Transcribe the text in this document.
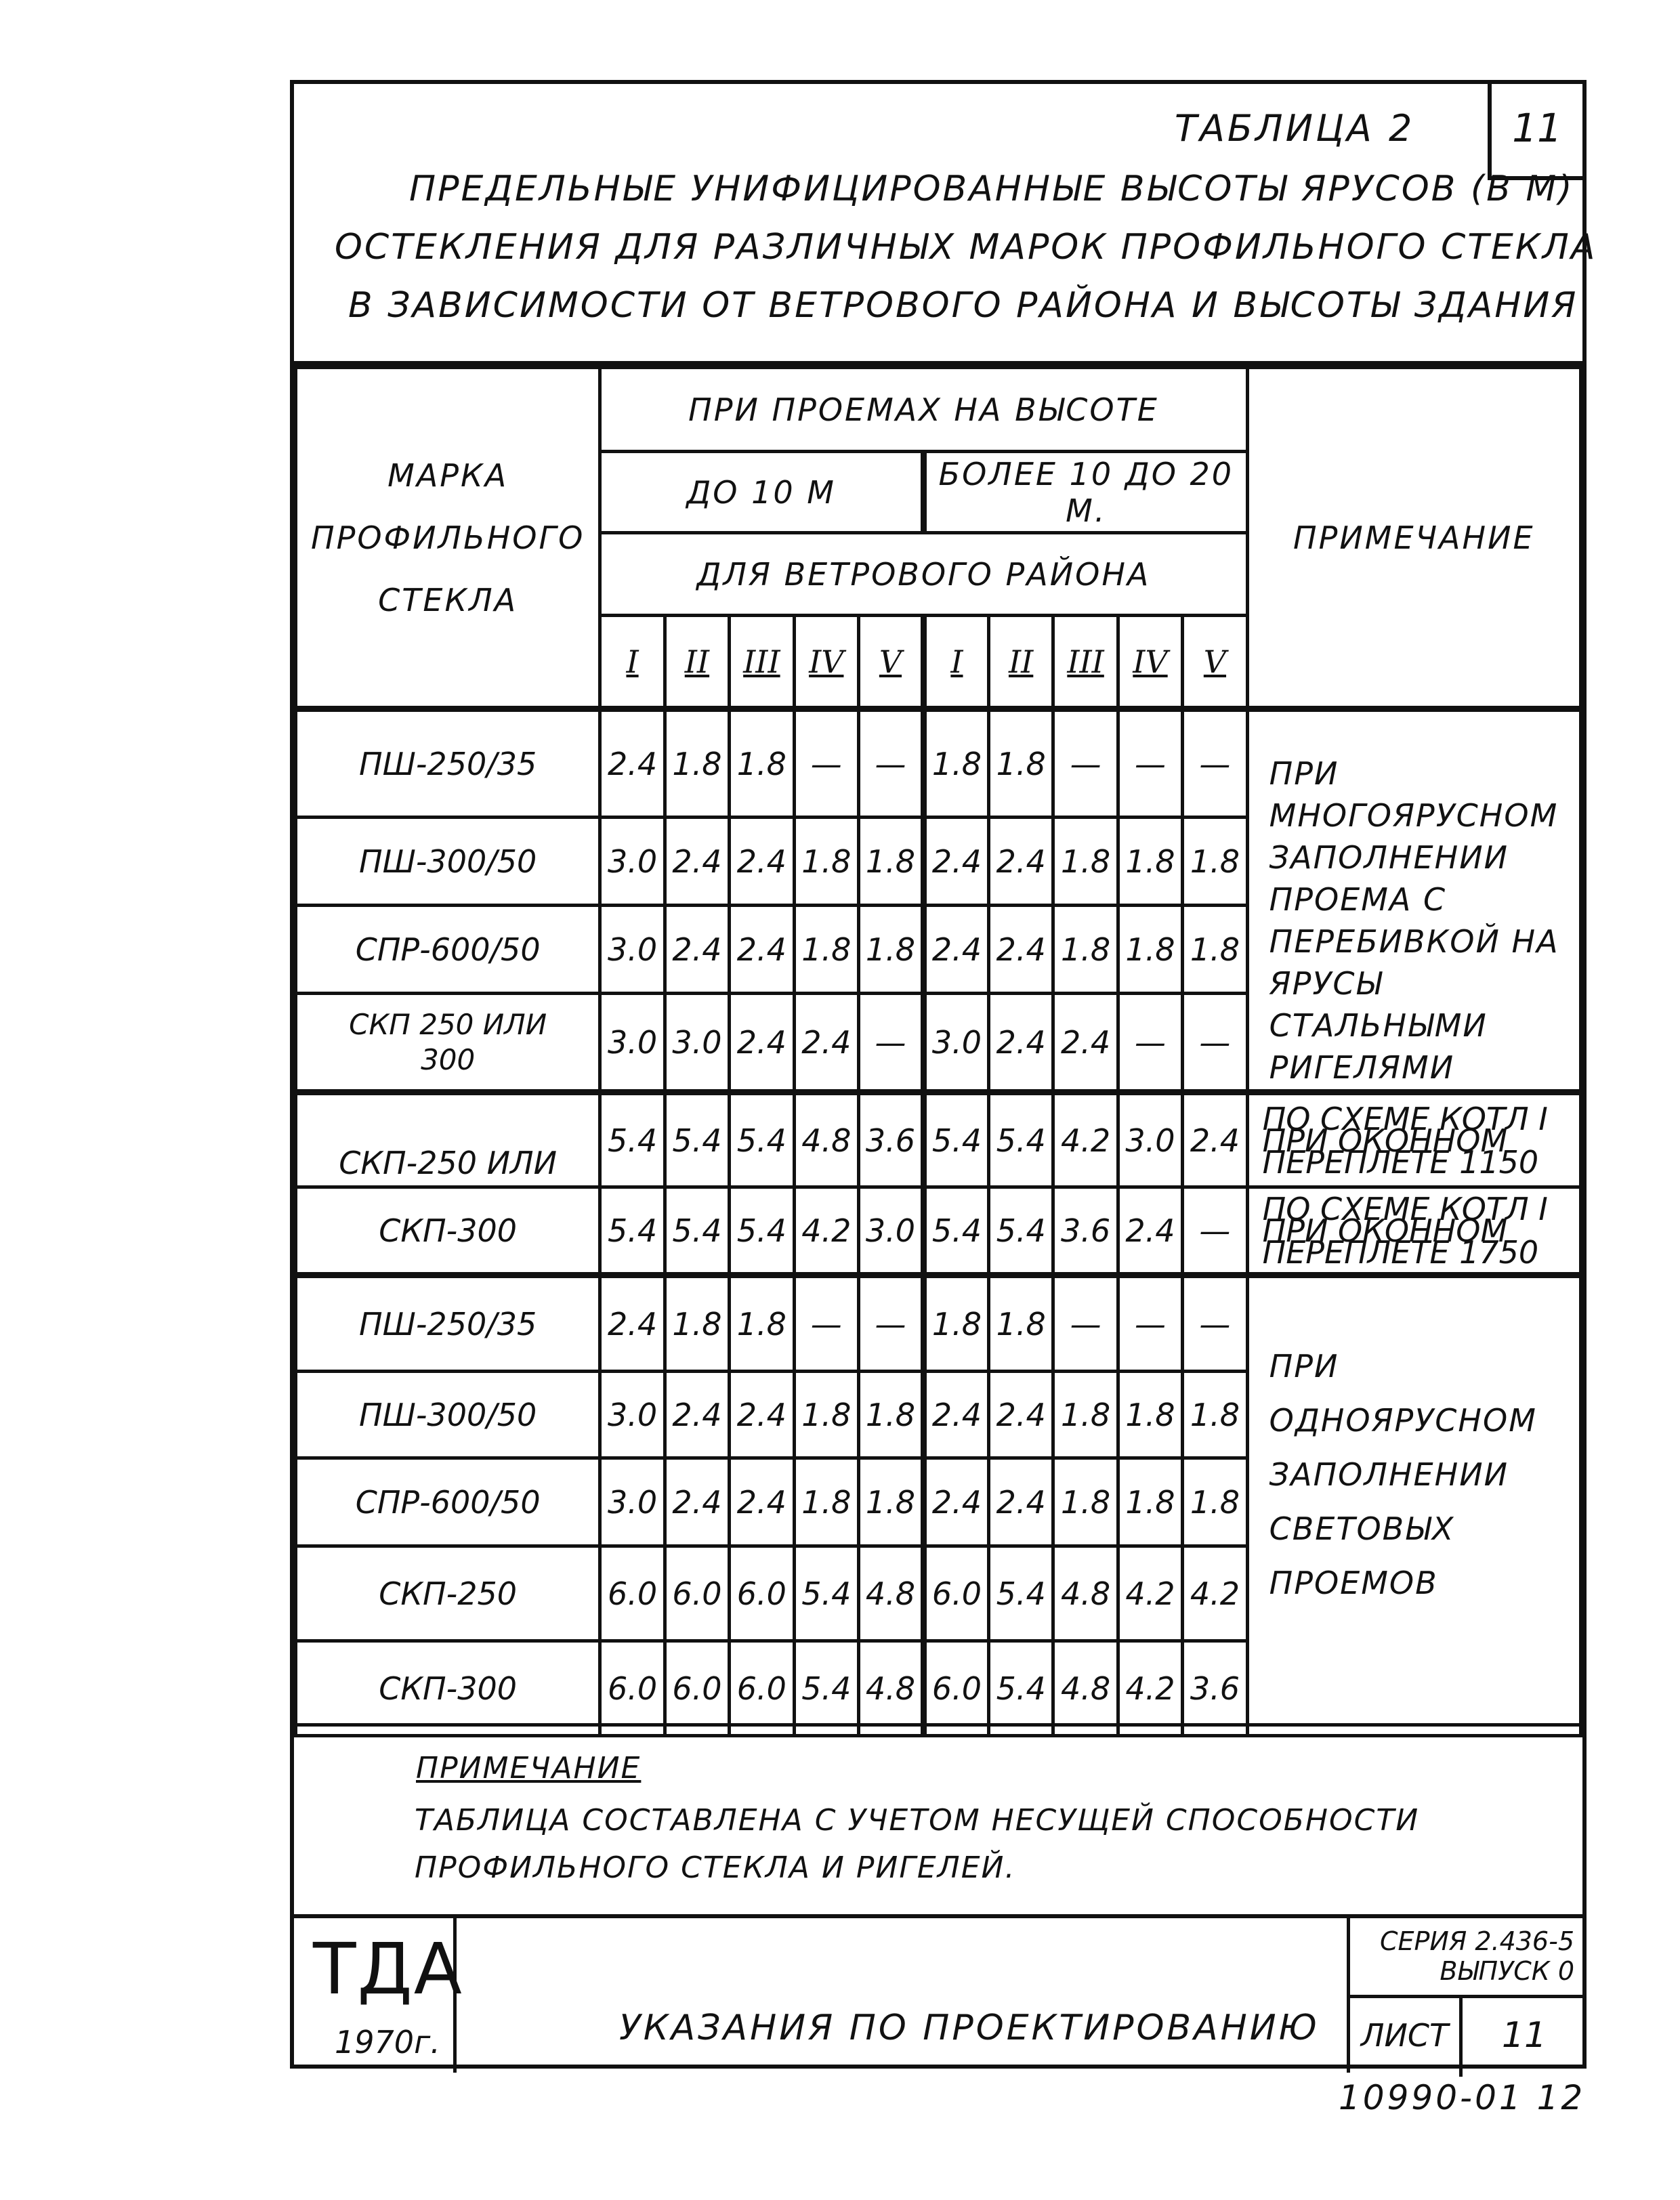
ТАБЛИЦА 2	11
ПРЕДЕЛЬНЫЕ УНИФИЦИРОВАННЫЕ ВЫСОТЫ ЯРУСОВ (В М)
ОСТЕКЛЕНИЯ ДЛЯ РАЗЛИЧНЫХ МАРОК ПРОФИЛЬНОГО СТЕКЛА
В ЗАВИСИМОСТИ ОТ ВЕТРОВОГО РАЙОНА И ВЫСОТЫ ЗДАНИЯ
МАРКА ПРОФИЛЬНОГО СТЕКЛА	ПРИ ПРОЕМАХ НА ВЫСОТЕ										ПРИМЕЧАНИЕ
	ДО 10 М					БОЛЕЕ 10 ДО 20 М.					
	ДЛЯ ВЕТРОВОГО РАЙОНА										
	I	II	III	IV	V	I	II	III	IV	V	
ПШ-250/35	2.4	1.8	1.8	—	—	1.8	1.8	—	—	—	ПРИ МНОГОЯРУСНОМ ЗАПОЛНЕНИИ ПРОЕМА С ПЕРЕБИВКОЙ НА ЯРУСЫ СТАЛЬНЫМИ РИГЕЛЯМИ
ПШ-300/50	3.0	2.4	2.4	1.8	1.8	2.4	2.4	1.8	1.8	1.8	
СПР-600/50	3.0	2.4	2.4	1.8	1.8	2.4	2.4	1.8	1.8	1.8	
СКП 250 ИЛИ 300	3.0	3.0	2.4	2.4	—	3.0	2.4	2.4	—	—	
СКП-250 ИЛИ	5.4	5.4	5.4	4.8	3.6	5.4	5.4	4.2	3.0	2.4	ПО СХЕМЕ КОТЛ I ПРИ ОКОННОМ ПЕРЕПЛЕТЕ 1150
СКП-300	5.4	5.4	5.4	4.2	3.0	5.4	5.4	3.6	2.4	—	ПО СХЕМЕ КОТЛ I ПРИ ОКОННОМ ПЕРЕПЛЕТЕ 1750
ПШ-250/35	2.4	1.8	1.8	—	—	1.8	1.8	—	—	—	ПРИ ОДНОЯРУСНОМ ЗАПОЛНЕНИИ СВЕТОВЫХ ПРОЕМОВ
ПШ-300/50	3.0	2.4	2.4	1.8	1.8	2.4	2.4	1.8	1.8	1.8	
СПР-600/50	3.0	2.4	2.4	1.8	1.8	2.4	2.4	1.8	1.8	1.8	
СКП-250	6.0	6.0	6.0	5.4	4.8	6.0	5.4	4.8	4.2	4.2	
СКП-300	6.0	6.0	6.0	5.4	4.8	6.0	5.4	4.8	4.2	3.6	
ПРИМЕЧАНИЕ
ТАБЛИЦА СОСТАВЛЕНА С УЧЕТОМ НЕСУЩЕЙ СПОСОБНОСТИ ПРОФИЛЬНОГО СТЕКЛА И РИГЕЛЕЙ.
ТДА
1970г.	УКАЗАНИЯ ПО ПРОЕКТИРОВАНИЮ
СЕРИЯ 2.436-5
ВЫПУСК 0
ЛИСТ	11
10990-01 12
